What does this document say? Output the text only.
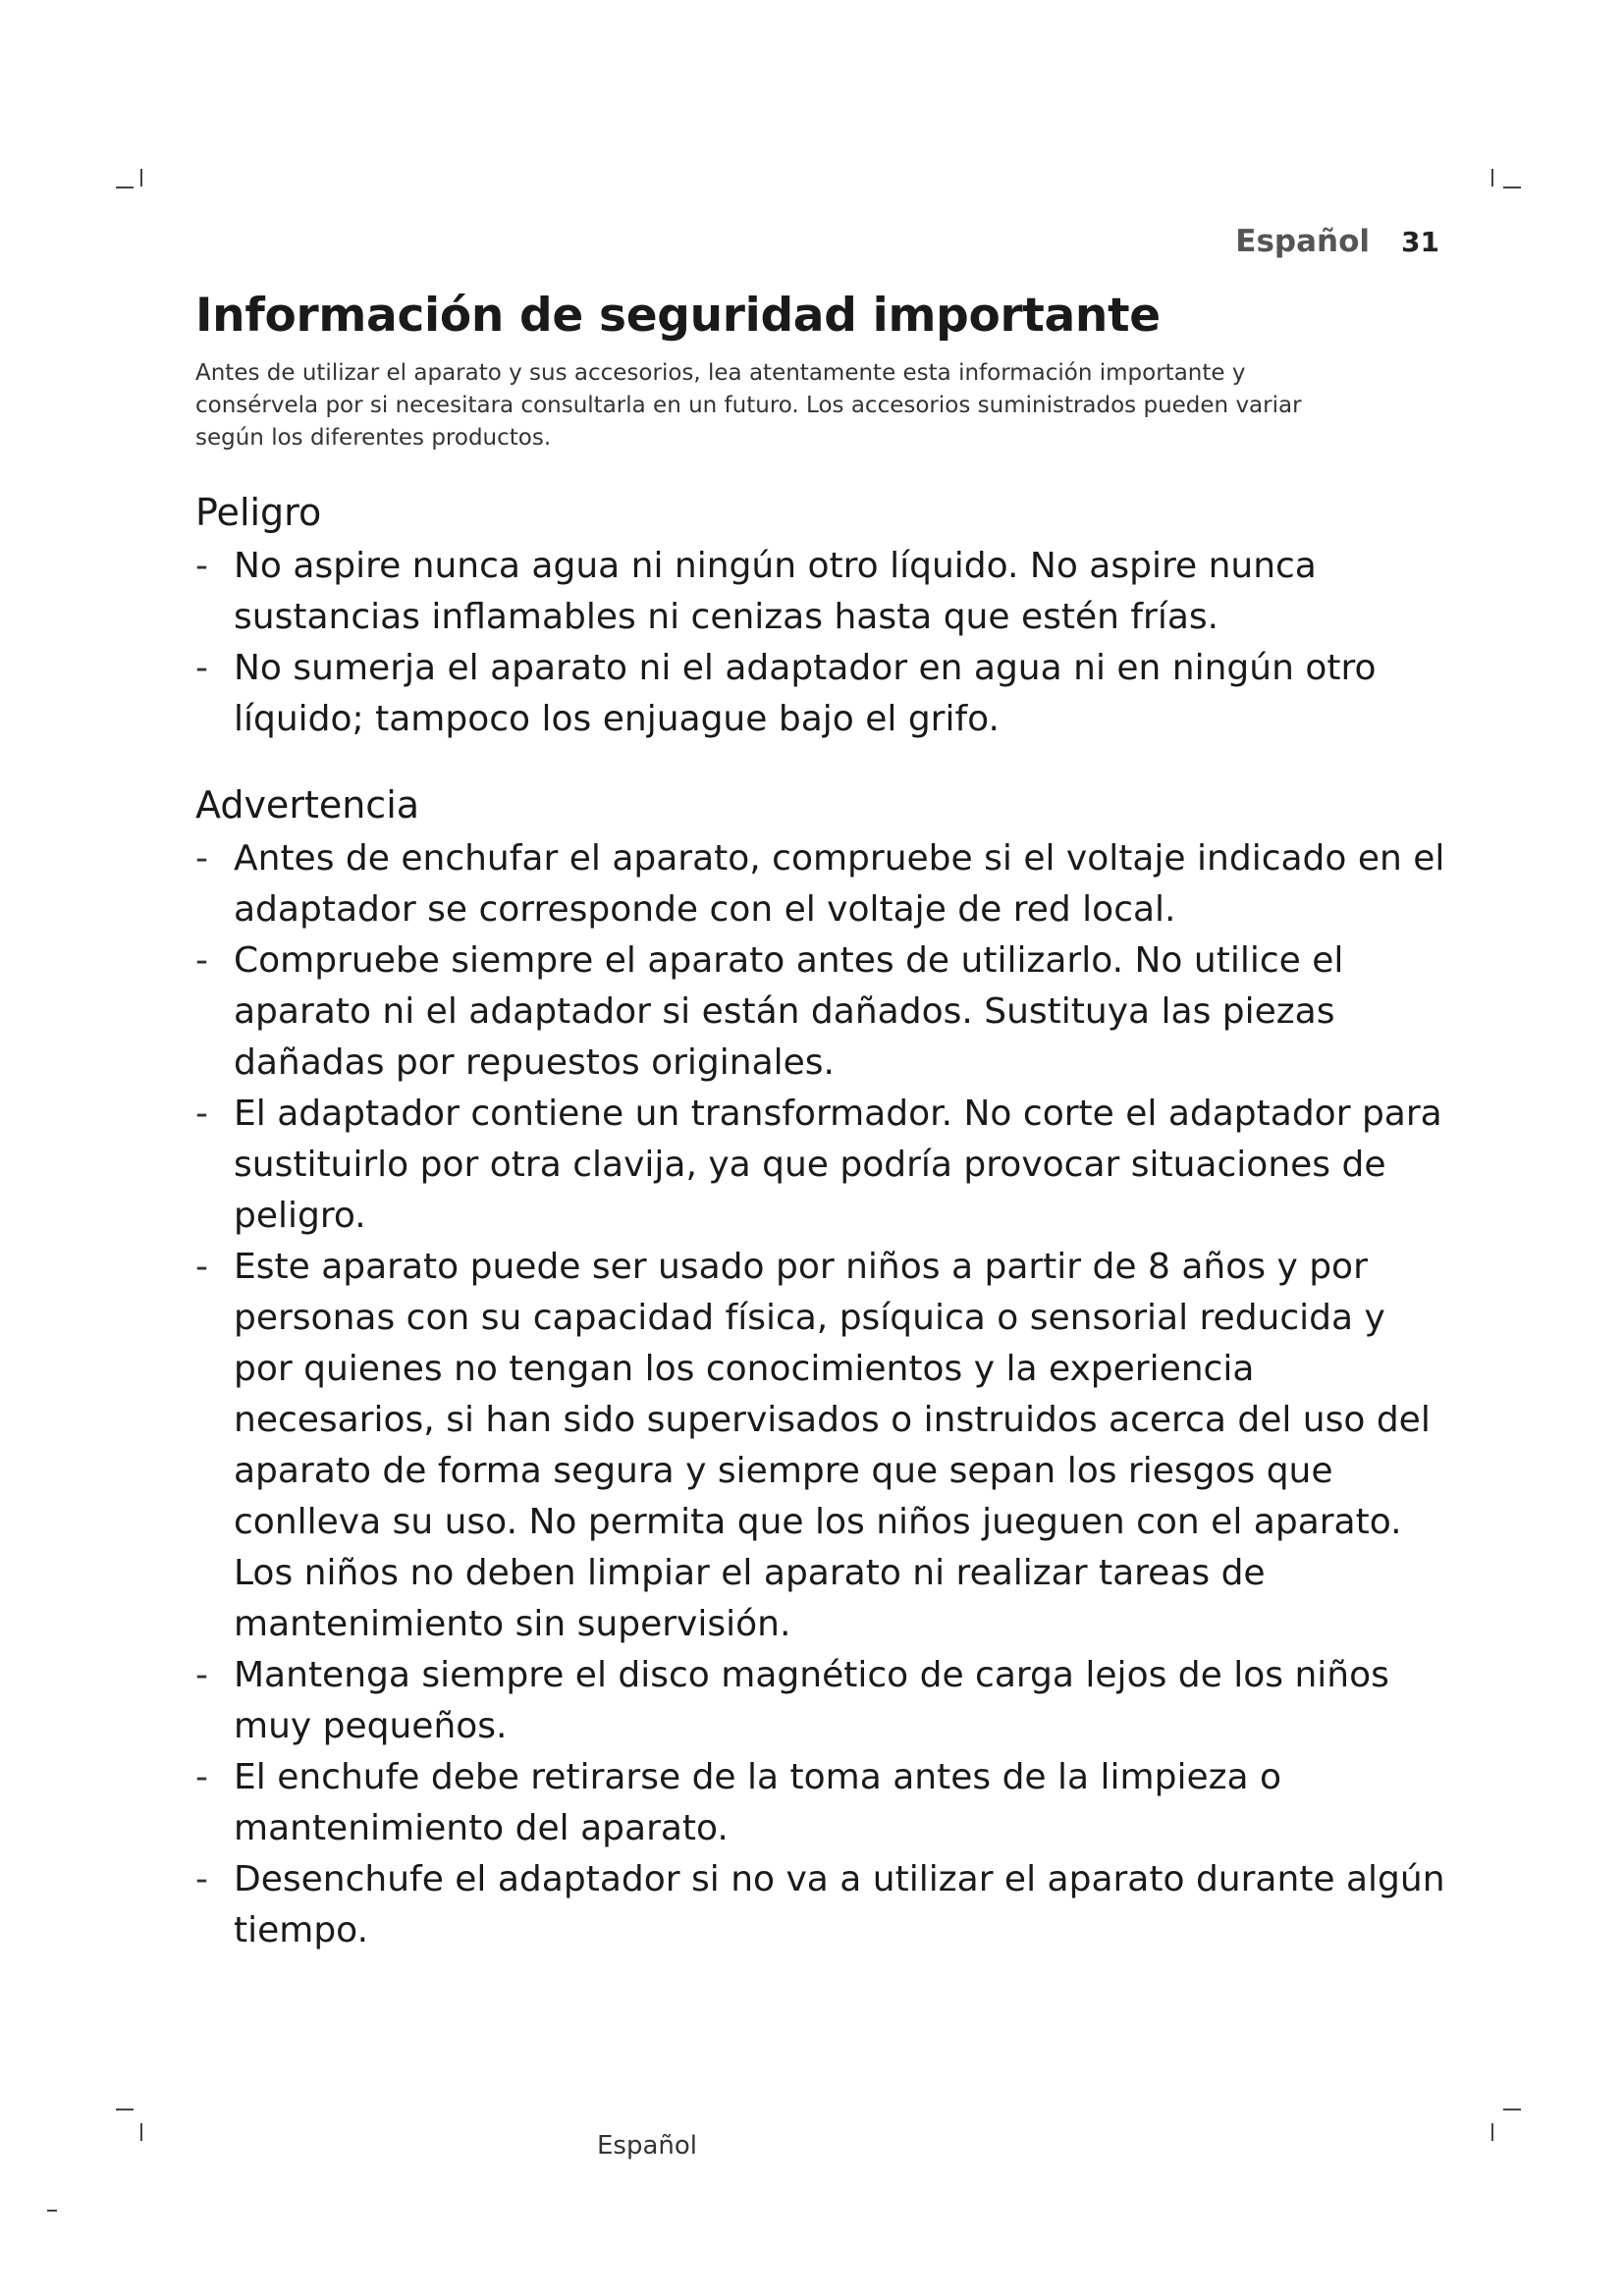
Español 31
Información de seguridad importante

Antes de utilizar el aparato y sus accesorios, lea atentamente esta información importante y consérvela por si necesitara consultarla en un futuro. Los accesorios suministrados pueden variar según los diferentes productos.

Peligro
- No aspire nunca agua ni ningún otro líquido. No aspire nunca sustancias inflamables ni cenizas hasta que estén frías.
- No sumerja el aparato ni el adaptador en agua ni en ningún otro líquido; tampoco los enjuague bajo el grifo.
Advertencia
- Antes de enchufar el aparato, compruebe si el voltaje indicado en el adaptador se corresponde con el voltaje de red local.
- Compruebe siempre el aparato antes de utilizarlo. No utilice el aparato ni el adaptador si están dañados. Sustituya las piezas dañadas por repuestos originales.
- El adaptador contiene un transformador. No corte el adaptador para sustituirlo por otra clavija, ya que podría provocar situaciones de peligro.
- Este aparato puede ser usado por niños a partir de 8 años y por personas con su capacidad física, psíquica o sensorial reducida y por quienes no tengan los conocimientos y la experiencia necesarios, si han sido supervisados o instruidos acerca del uso del aparato de forma segura y siempre que sepan los riesgos que conlleva su uso. No permita que los niños jueguen con el aparato. Los niños no deben limpiar el aparato ni realizar tareas de mantenimiento sin supervisión.
- Mantenga siempre el disco magnético de carga lejos de los niños muy pequeños.
- El enchufe debe retirarse de la toma antes de la limpieza o mantenimiento del aparato.
- Desenchufe el adaptador si no va a utilizar el aparato durante algún tiempo.
Español
